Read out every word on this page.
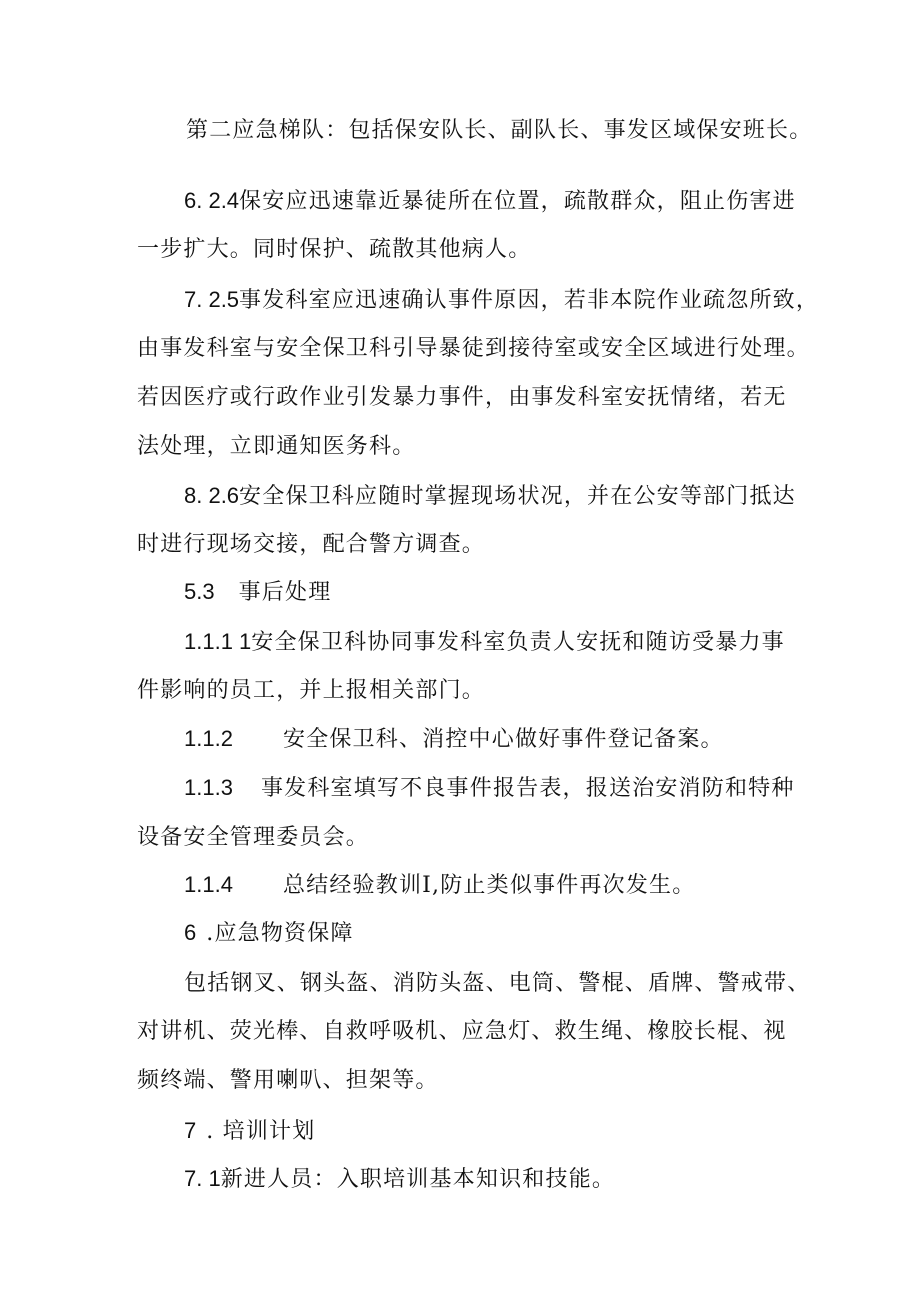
第二应急梯队：包括保安队长、副队长、事发区域保安班长。
6. 2.4保安应迅速靠近暴徒所在位置，疏散群众，阻止伤害进
一步扩大。同时保护、疏散其他病人。
7. 2.5事发科室应迅速确认事件原因，若非本院作业疏忽所致，
由事发科室与安全保卫科引导暴徒到接待室或安全区域进行处理。
若因医疗或行政作业引发暴力事件，由事发科室安抚情绪，若无
法处理，立即通知医务科。
8. 2.6安全保卫科应随时掌握现场状况，并在公安等部门抵达
时进行现场交接，配合警方调查。
5.3 事后处理
1.1.1 1安全保卫科协同事发科室负责人安抚和随访受暴力事
件影响的员工，并上报相关部门。
1.1.2 安全保卫科、消控中心做好事件登记备案。
1.1.3 事发科室填写不良事件报告表，报送治安消防和特种
设备安全管理委员会。
1.1.4 总结经验教训I,防止类似事件再次发生。
6 .应急物资保障
包括钢叉、钢头盔、消防头盔、电筒、警棍、盾牌、警戒带、
对讲机、荧光棒、自救呼吸机、应急灯、救生绳、橡胶长棍、视
频终端、警用喇叭、担架等。
7 . 培训计划
7. 1新进人员：入职培训基本知识和技能。
